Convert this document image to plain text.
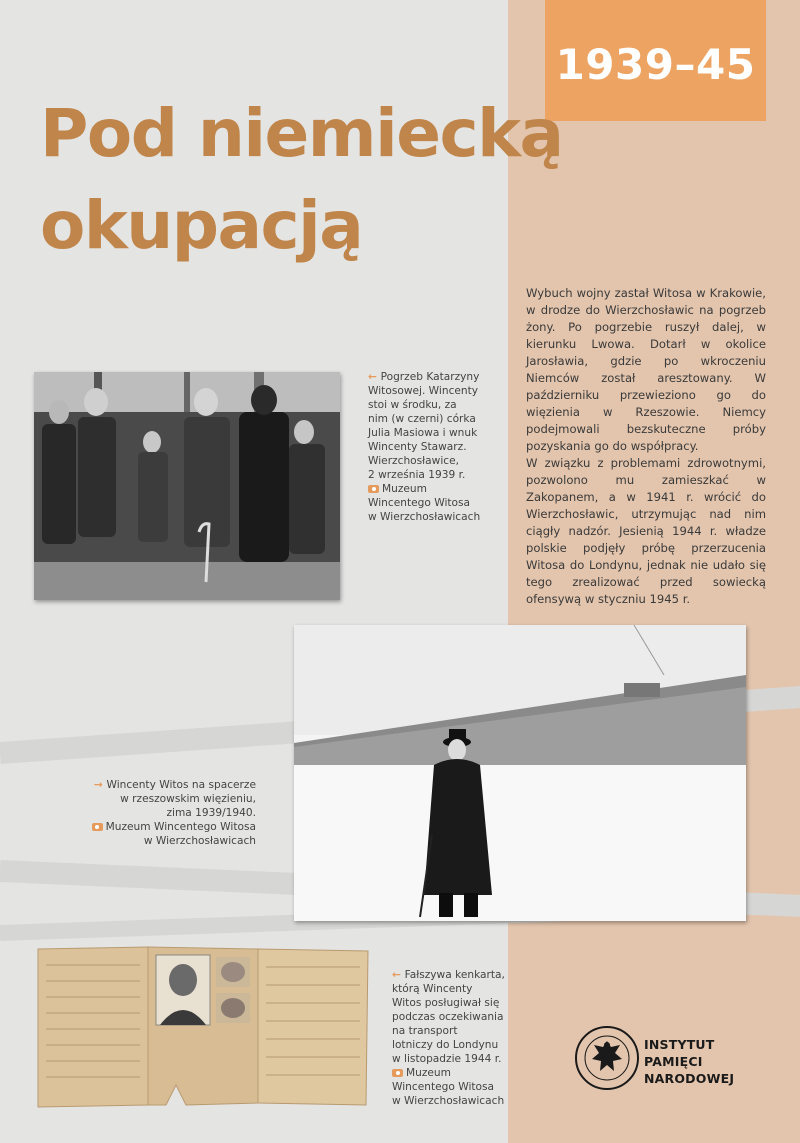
1939–45
Pod niemiecką
okupacją

Wybuch wojny zastał Witosa w Krakowie, w drodze do Wierzchosławic na pogrzeb żony. Po pogrzebie ruszył dalej, w kierunku Lwowa. Dotarł w okolice Jarosławia, gdzie po wkroczeniu Niemców został aresztowany. W październiku przewieziono go do więzienia w Rzeszowie. Niemcy podejmowali bezskuteczne próby pozyskania go do współpracy.

W związku z problemami zdrowotnymi, pozwolono mu zamieszkać w Zakopanem, a w 1941 r. wrócić do Wierzchosławic, utrzymując nad nim ciągły nadzór. Jesienią 1944 r. władze polskie podjęły próbę przerzucenia Witosa do Londynu, jednak nie udało się tego zrealizować przed sowiecką ofensywą w styczniu 1945 r.

← Pogrzeb Katarzyny
Witosowej. Wincenty
stoi w środku, za
nim (w czerni) córka
Julia Masiowa i wnuk
Wincenty Stawarz.
Wierzchosławice,
2 września 1939 r.
Muzeum
Wincentego Witosa
w Wierzchosławicach
→ Wincenty Witos na spacerze
w rzeszowskim więzieniu,
zima 1939/1940.
Muzeum Wincentego Witosa
w Wierzchosławicach
← Fałszywa kenkarta,
którą Wincenty
Witos posługiwał się
podczas oczekiwania
na transport
lotniczy do Londynu
w listopadzie 1944 r.
Muzeum
Wincentego Witosa
w Wierzchosławicach
INSTYTUT
PAMIĘCI
NARODOWEJ
